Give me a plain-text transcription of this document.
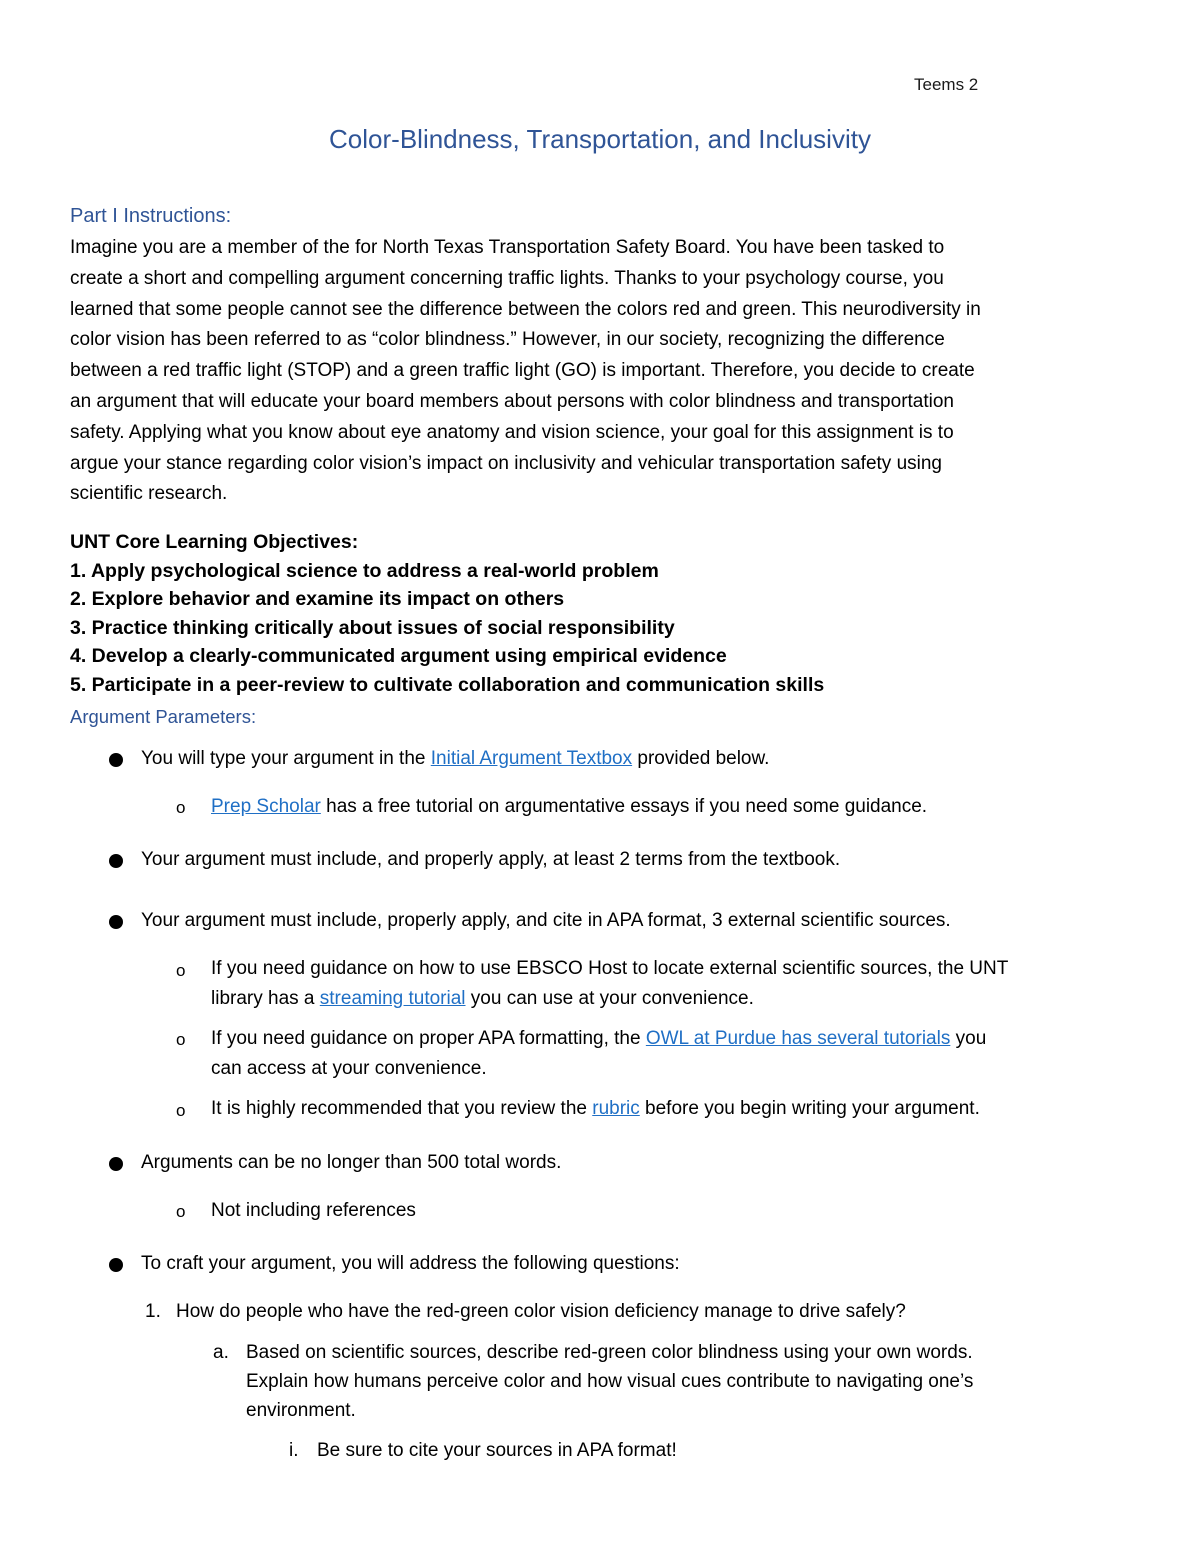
Teems 2
Color-Blindness, Transportation, and Inclusivity
Part I Instructions:
Imagine you are a member of the for North Texas Transportation Safety Board. You have been tasked to
create a short and compelling argument concerning traffic lights. Thanks to your psychology course, you
learned that some people cannot see the difference between the colors red and green. This neurodiversity in
color vision has been referred to as “color blindness.” However, in our society, recognizing the difference
between a red traffic light (STOP) and a green traffic light (GO) is important. Therefore, you decide to create
an argument that will educate your board members about persons with color blindness and transportation
safety. Applying what you know about eye anatomy and vision science, your goal for this assignment is to
argue your stance regarding color vision’s impact on inclusivity and vehicular transportation safety using
scientific research.
UNT Core Learning Objectives:
1. Apply psychological science to address a real-world problem
2. Explore behavior and examine its impact on others
3. Practice thinking critically about issues of social responsibility
4. Develop a clearly-communicated argument using empirical evidence
5. Participate in a peer-review to cultivate collaboration and communication skills
Argument Parameters:
You will type your argument in the Initial Argument Textbox provided below.
o Prep Scholar has a free tutorial on argumentative essays if you need some guidance.
Your argument must include, and properly apply, at least 2 terms from the textbook.
Your argument must include, properly apply, and cite in APA format, 3 external scientific sources.
o If you need guidance on how to use EBSCO Host to locate external scientific sources, the UNT
library has a streaming tutorial you can use at your convenience.
o If you need guidance on proper APA formatting, the OWL at Purdue has several tutorials you
can access at your convenience.
o It is highly recommended that you review the rubric before you begin writing your argument.
Arguments can be no longer than 500 total words.
o Not including references
To craft your argument, you will address the following questions:
1. How do people who have the red-green color vision deficiency manage to drive safely?
a. Based on scientific sources, describe red-green color blindness using your own words.
Explain how humans perceive color and how visual cues contribute to navigating one’s
environment.
i. Be sure to cite your sources in APA format!
